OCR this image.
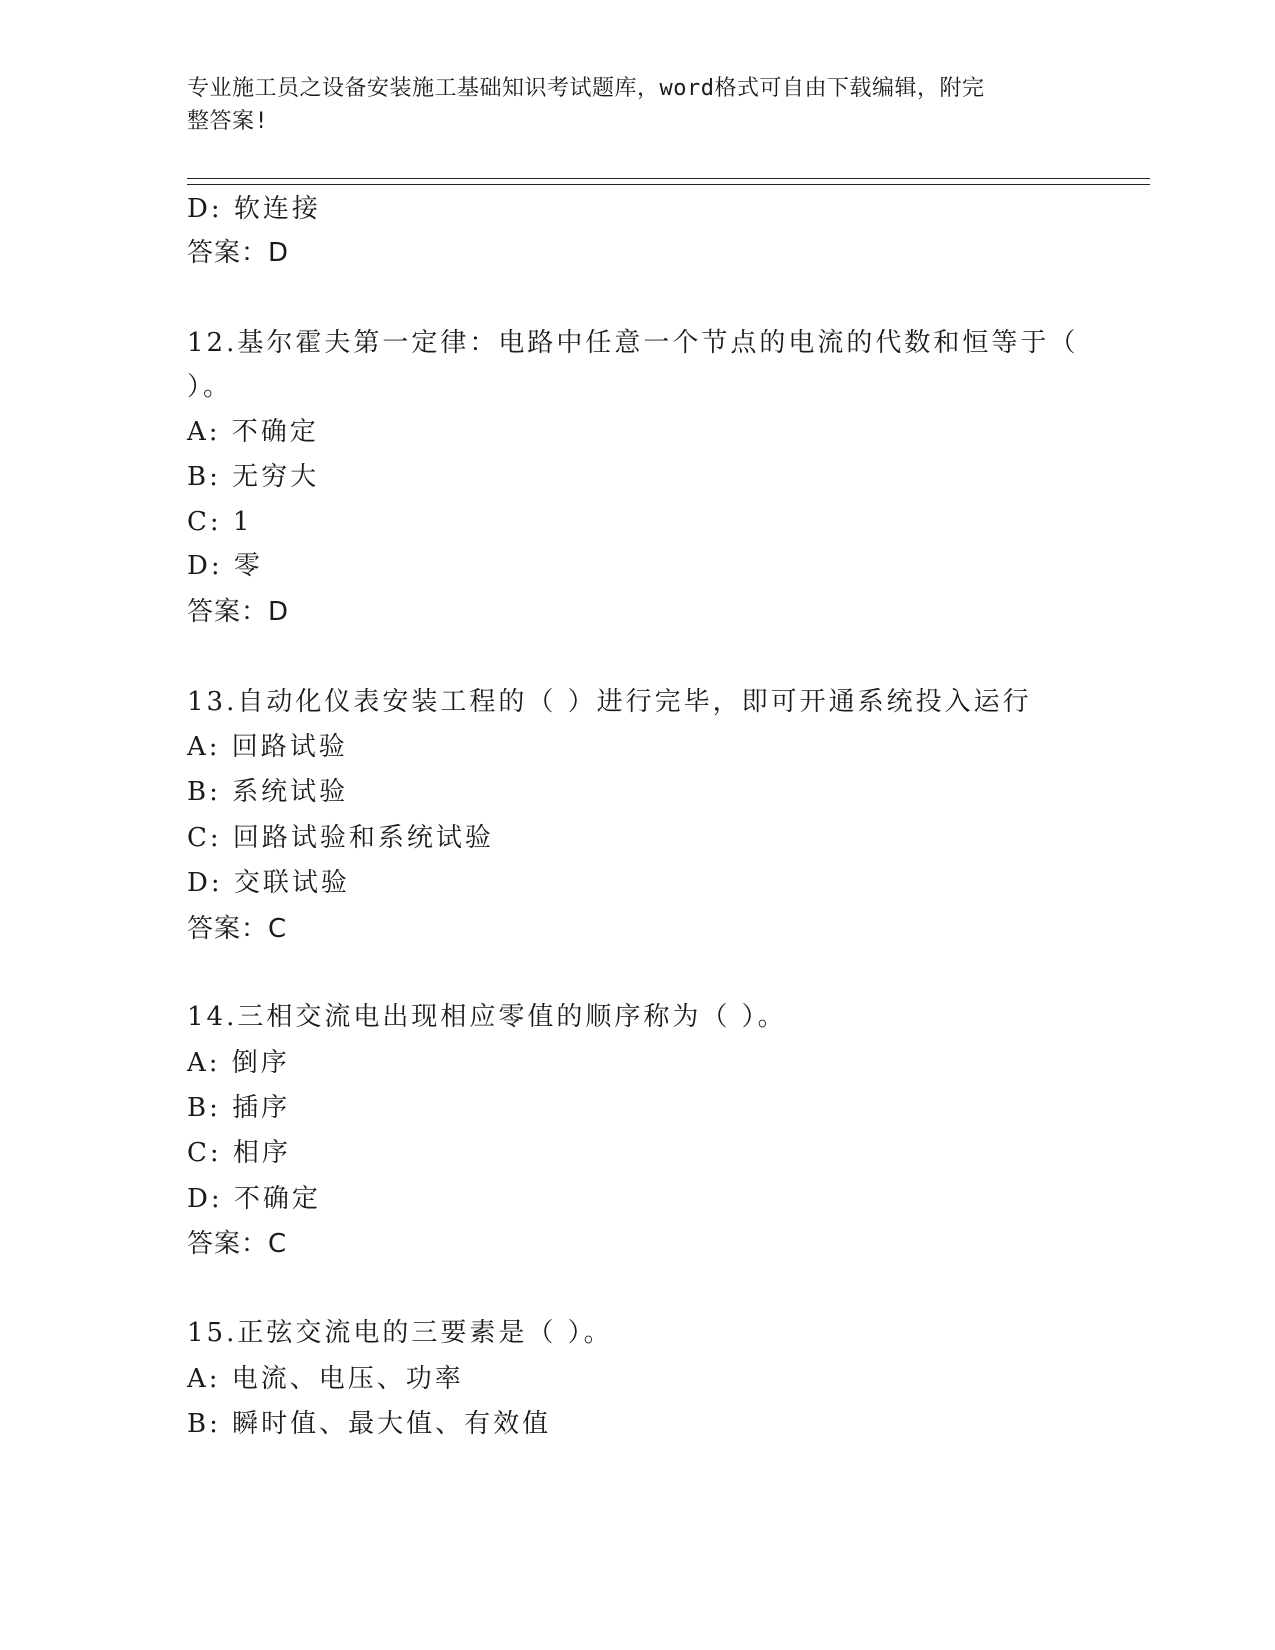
专业施工员之设备安装施工基础知识考试题库，word格式可自由下载编辑，附完
整答案!
D: 软连接
答案：D
12.基尔霍夫第一定律：电路中任意一个节点的电流的代数和恒等于（
）。
A: 不确定
B: 无穷大
C: 1
D: 零
答案：D
13.自动化仪表安装工程的（ ）进行完毕，即可开通系统投入运行
A: 回路试验
B: 系统试验
C: 回路试验和系统试验
D: 交联试验
答案：C
14.三相交流电出现相应零值的顺序称为（ ）。
A: 倒序
B: 插序
C: 相序
D: 不确定
答案：C
15.正弦交流电的三要素是（ ）。
A: 电流、电压、功率
B: 瞬时值、最大值、有效值
